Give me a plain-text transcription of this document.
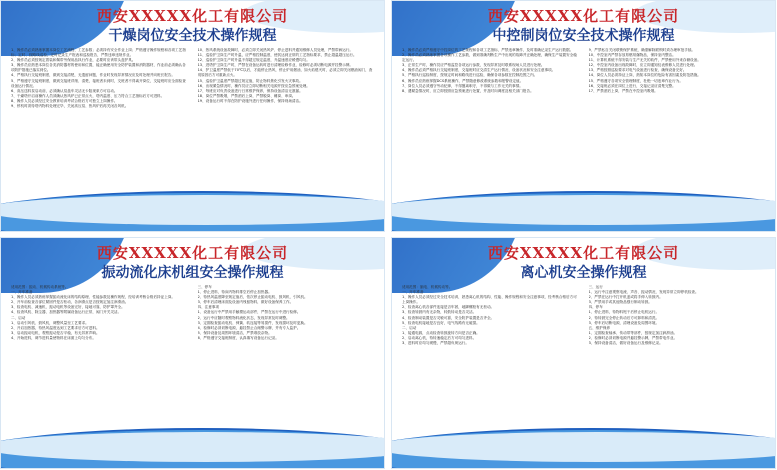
西安XXXXX化工有限公司
干燥岗位安全技术操作规程

1、操作员必须熟练掌握本岗位工艺流程、工艺参数；必须持有安全作业上岗；严格遵守操作规程和各项工艺指标；定时、按路线巡检，定时记录生产报表和巡检报告，严禁违章违规作业。

2、操作员必须按规定着装和佩带劳保用品执行作业，必要时应该带头盔护具。

3、操作员应熟悉本岗位各类消防器材的使用和位置，能正确使用安全防护装置和消防器材，作业前必须确认各项防护措施已落实到位。

4、严格执行交接班制度，做到交接清楚，无遗留问题，作业时发现异常情况应及时处理并向班长报告。

5、严格遵守交接班制度，做到交接班详细、清楚，接班者未到时，交班者不得离开岗位，交接班时应全面检查设备运行情况。

6、高压送料泵启动前，必须确认泵盘车灵活无卡阻现象方可启动。

7、干燥塔开启前操作人员须确认热风炉已正常点火，塔内温度、压力符合工艺指标后方可进料。

8、操作人员必须经过安全教育培训考试合格后方可独立上岗操作。

9、停机时须待塔内物料处理完毕，关闭高压泵、热风炉后再关闭各风机。

10、热风系统设备故障时，必须立即关闭热风炉、停止进料并通知维修人员处理，严禁带病运行。

11、巡检护卫岗生产时升温，应严格控制温度，使其达到正常的工艺指标要求，禁止超温超压运行。

12、巡检护卫岗生产时升温不得超过规定温度，升温速度应缓慢均匀。

13、进塔护卫岗生产时，严禁在设备运转时进行清理检修作业，检修时必须切断电源并挂警示牌。

14、护卫温度严禁低于70℃以后，才能停止热风，停止炉用燃油，如火焰熄灭时，必须立即关闭燃油阀门，查明原因后方可重新点火。

15、巡检护卫温度严禁超过规定值，防止物料焦化引发火灾事故。

16、出现紧急情况时，操作员应立即切断相关电源并按应急预案处理。

17、每班应对负责设备进行日常维护保养，保持设备清洁无泄漏。

18、岗位严禁吸烟，严禁酒后上岗，严禁脱岗、睡岗、串岗。

19、设备运行时不得在防护设施外进行任何操作，保持现场清洁。

西安XXXXX化工有限公司
中控制岗位安全技术操作规程

1、操作员必须严格遵守中控岗位的工艺规程和各项工艺指标，严禁违章操作，及时准确记录生产运行数据。

2、操作员必须熟练掌握各项操作工艺参数，做到准确判断生产中出现的故障并正确处理，确保生产装置安全稳定运行。

3、正常生产时，操作员应严格监控各项运行参数，发现异常及时联系现场人员进行处理。

4、操作员必须严格执行交接班制度，交接班时应交清生产运行情况、设备状况和安全注意事项。

5、严格执行巡检制度，按规定时间和路线进行巡检，确保各项参数在控制范围之内。

6、操作员应熟练掌握DCS系统操作，严禁随意修改系统参数和报警设定值。

7、岗位人员必须遵守劳动纪律，不得擅离职守，不得做与工作无关的事情。

8、遇紧急情况时，应立即按照应急预案进行处置，并及时向调度及相关部门报告。

9、严禁私自关闭联锁保护系统，确需解除联锁时须办理审批手续。

10、中控室内严禁存放易燃易爆物品，保持室内整洁。

11、计算机系统不得安装与生产无关的软件，严禁使用外来存储设备。

12、中控室内设备出现故障时，应立即通知仪表维修人员进行处理。

13、严格按照巡检要求对电气设备进行检查，确保设备完好。

14、岗位人员必须持证上岗，熟知本岗位的危险有害因素及防范措施。

15、严格遵守各项安全管理制度，杜绝一切违章作业行为。

16、交接班必须在岗位上进行，交接记录应清楚完整。

17、严禁酒后上岗，严禁在中控室内吸烟。

西安XXXXX化工有限公司
振动流化床机组安全操作规程

适用范围：振动、机械传动系统等。

一、开车准备

1、操作人员必须熟练掌握振动流化床的结构原理、性能参数及操作规程，经培训考核合格后持证上岗。

2、开车前检查各部位紧固件是否松动，各润滑点是否按规定加注润滑油。

3、检查电机、减速机、振动电机等设备完好，接地可靠，防护罩齐全。

4、检查风机、除尘器、加热器等附属设备运行正常，阀门开关灵活。

二、启动

1、启动引风机、鼓风机，调整风量至工艺要求。

2、开启加热器，待热风温度达到工艺要求后方可进料。

3、启动振动电机，观察振动是否平稳，有无异常声响。

4、开始进料，调节进料量使物料在床面上均匀分布。

三、停车

1、停止进料，待床内物料排空后停止加热器。

2、待热风温度降至规定值后，依次停止振动电机、鼓风机、引风机。

3、停车后清理床面及设备内残留物料，做好设备保养工作。

四、注意事项

1、设备运行中严禁用手触摸运动部件，严禁在运行中进行检修。

2、运行中应随时观察物料流化状态，发现异常及时调整。

3、定期检查振动电机、弹簧、软连接等易损件，发现损坏及时更换。

4、检修时必须切断电源，悬挂禁止合闸警示牌，并有专人监护。

5、保持设备及周围环境清洁，严禁堆放杂物。

6、严格遵守交接班制度，认真填写设备运行记录。

西安XXXXX化工有限公司
离心机安全操作规程

适用范围：脑电、机械传动等。

一、开车准备

1、操作人员必须经过安全技术培训，熟悉离心机的结构、性能、操作规程和安全注意事项，经考核合格后方可上岗操作。

2、检查离心机各部件连接是否牢固，地脚螺栓有无松动。

3、检查转鼓内有无杂物，转鼓转动是否灵活。

4、检查制动装置是否灵敏可靠，安全防护装置是否齐全。

5、检查电机接地是否良好，电气线路有无破损。

二、启动

1、接通电源，点动检查转鼓旋转方向是否正确。

2、启动离心机，待转速稳定后方可均匀进料。

3、进料时应均匀缓慢，严禁超负荷运行。

三、运行

1、运行中注意观察电流、声音、振动情况，发现异常立即停机检查。

2、严禁在运行中打开机盖或将手伸入转鼓内。

3、严禁用手或其他物品强行制动转鼓。

四、停车

1、停止进料，待物料甩干后停止电机运行。

2、待转鼓完全停止转动后方可卸料和清洗。

3、停车后切断电源，清理设备及周围环境。

五、维护保养

1、定期检查轴承、传动带等部件，按规定加注润滑油。

2、检修时必须切断电源并悬挂警示牌，严禁带电作业。

3、保持设备清洁，做好设备运行及维修记录。
